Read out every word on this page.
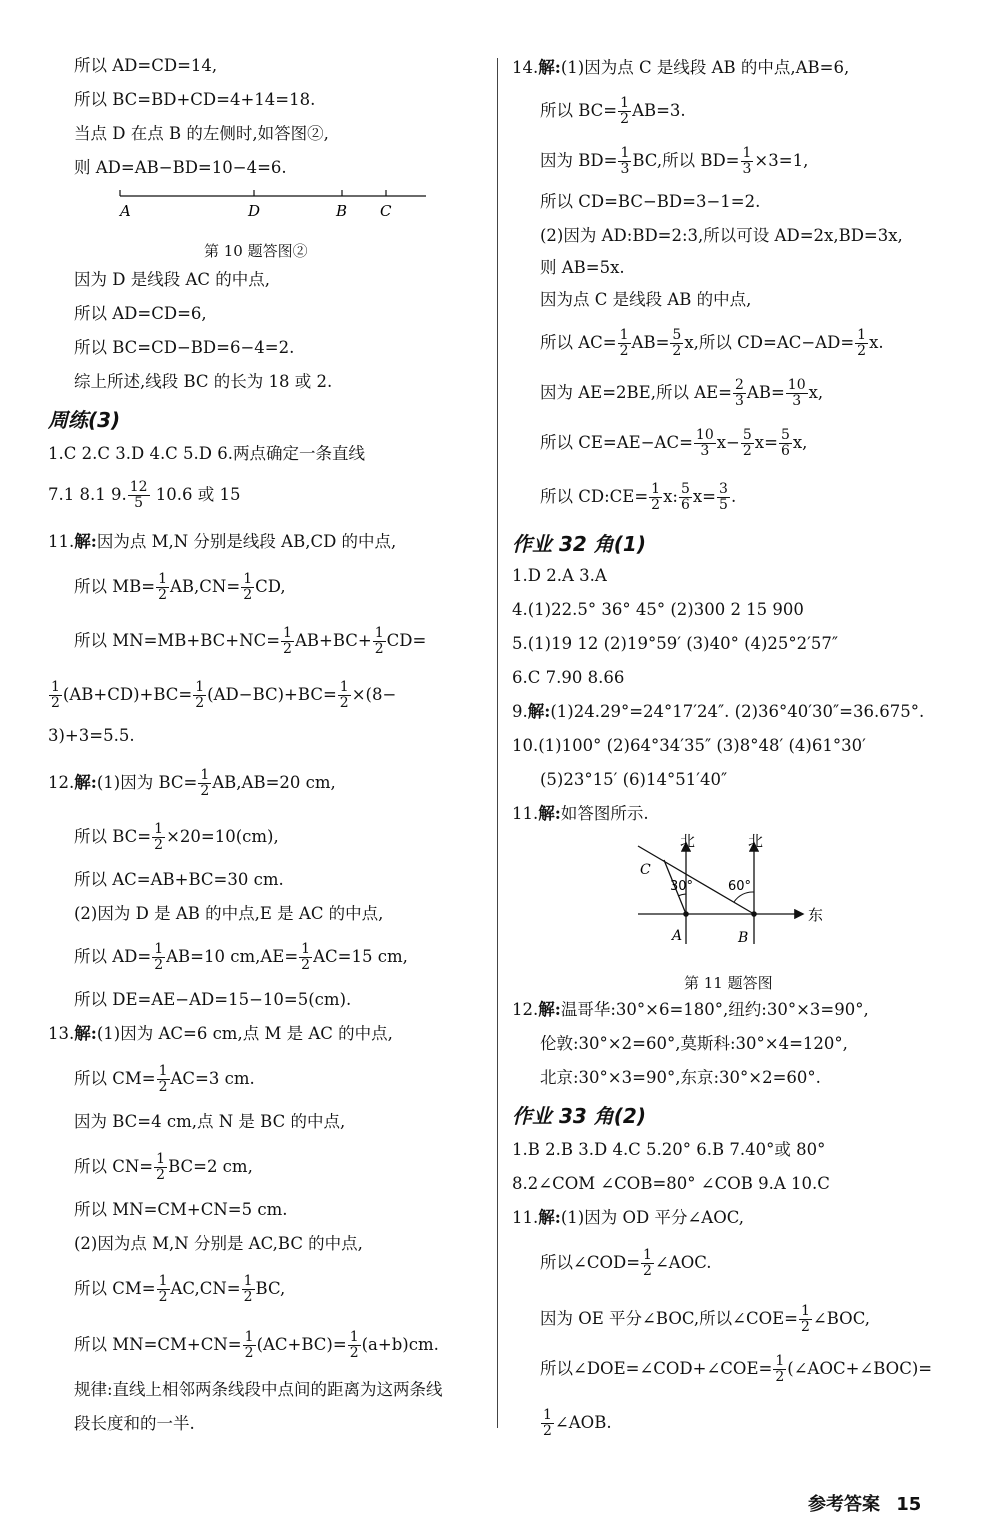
所以 AD=CD=14,
所以 BC=BD+CD=4+14=18.
当点 D 在点 B 的左侧时,如答图②,
则 AD=AB−BD=10−4=6.
A	D	B C
第 10 题答图②
因为 D 是线段 AC 的中点,
所以 AD=CD=6,
所以 BC=CD−BD=6−4=2.
综上所述,线段 BC 的长为 18 或 2.
周练(3)
1.C 2.C 3.D 4.C 5.D 6.两点确定一条直线
7.1 8.1 9. $\frac{12}{5} 10.6$ 或 15
11.解:因为点 M,N 分别是线段 AB,CD 的中点,
所以 $MB= \frac{1}{2} AB,CN= \frac{1}{2}$ CD,
所以 $MN=MB+BC+NC= \frac{1}{2} AB+BC+ \frac{1}{2} CD=$
$\frac{1}{2} (AB+CD)+BC= \frac{1}{2} (AD-BC)+BC= \frac{1}{2} \times(8-$
3)+3=5.5.
12.解:(1)因为 $BC= \frac{1}{2} AB,AB=20$ cm,
所以 $BC= \frac{1}{2} \times 20=10(cm)$,
所以 AC=AB+BC=30 cm.
(2)因为 D 是 AB 的中点,E 是 AC 的中点,
所以 $AD= \frac{1}{2} AB=10$ $cm,AE= \frac{1}{2} AC=15$ cm,
所以 DE=AE−AD=15−10=5(cm).
13.解:(1)因为 AC=6 cm,点 M 是 AC 的中点,
所以 $CM= \frac{1}{2} AC=3$ cm.
因为 BC=4 cm,点 N 是 BC 的中点,
所以 $CN= \frac{1}{2} BC=2$ cm,
所以 MN=CM+CN=5 cm.
(2)因为点 M,N 分别是 AC,BC 的中点,
所以 $CM= \frac{1}{2} AC,CN= \frac{1}{2}$ BC,
所以 $MN=CM+CN= \frac{1}{2} (AC+BC)= \frac{1}{2} (a+b)cm$.
规律:直线上相邻两条线段中点间的距离为这两条线
段长度和的一半.
14.解:(1)因为点 C 是线段 AB 的中点,AB=6,
所以 $BC= \frac{1}{2} AB=3$.
因为 $BD= \frac{1}{3}$ BC,所以 $BD= \frac{1}{3} \times 3=1$,
所以 CD=BC−BD=3−1=2.
(2)因为 AD:BD=2:3,所以可设 AD=2x,BD=3x,
则 AB=5x.
因为点 C 是线段 AB 的中点,
所以 $AC= \frac{1}{2} AB= \frac{5}{2} x$,所以 $CD=AC-AD= \frac{1}{2} x$.
因为 AE=2BE,所以 $AE= \frac{2}{3} AB= \frac{10}{3} x$,
所以 $CE=AE-AC= \frac{10}{3} x- \frac{5}{2} x= \frac{5}{6} x$,
所以 CD:CE= $\frac{1}{2} x$: $\frac{5}{6} x= \frac{3}{5}$ .
作业 32 角(1)
1.D 2.A 3.A
4.(1)22.5° 36° 45° (2)300 2 15 900
5.(1)19 12 (2)19°59′ (3)40° (4)25°2′57″
6.C 7.90 8.66
9.解:(1)24.29°=24°17′24″. (2)36°40′30″=36.675°.
10.(1)100° (2)64°34′35″ (3)8°48′ (4)61°30′
(5)23°15′ (6)14°51′40″
11.解:如答图所示.
北	北
东
C
A	B
30°	60°
第 11 题答图
12.解:温哥华:30°×6=180°,纽约:30°×3=90°,
伦敦:30°×2=60°,莫斯科:30°×4=120°,
北京:30°×3=90°,东京:30°×2=60°.
作业 33 角(2)
1.B 2.B 3.D 4.C 5.20° 6.B 7.40°或 80°
8.2∠COM ∠COB=80° ∠COB 9.A 10.C
11.解:(1)因为 OD 平分∠AOC,
所以∠COD= $\frac{1}{2}$ ∠AOC.
因为 OE 平分∠BOC,所以∠COE= $\frac{1}{2}$ ∠BOC,
所以∠DOE=∠COD+∠COE= $\frac{1}{2}$ (∠AOC+∠BOC)=
$\frac{1}{2}$ ∠AOB.
参考答案 15
